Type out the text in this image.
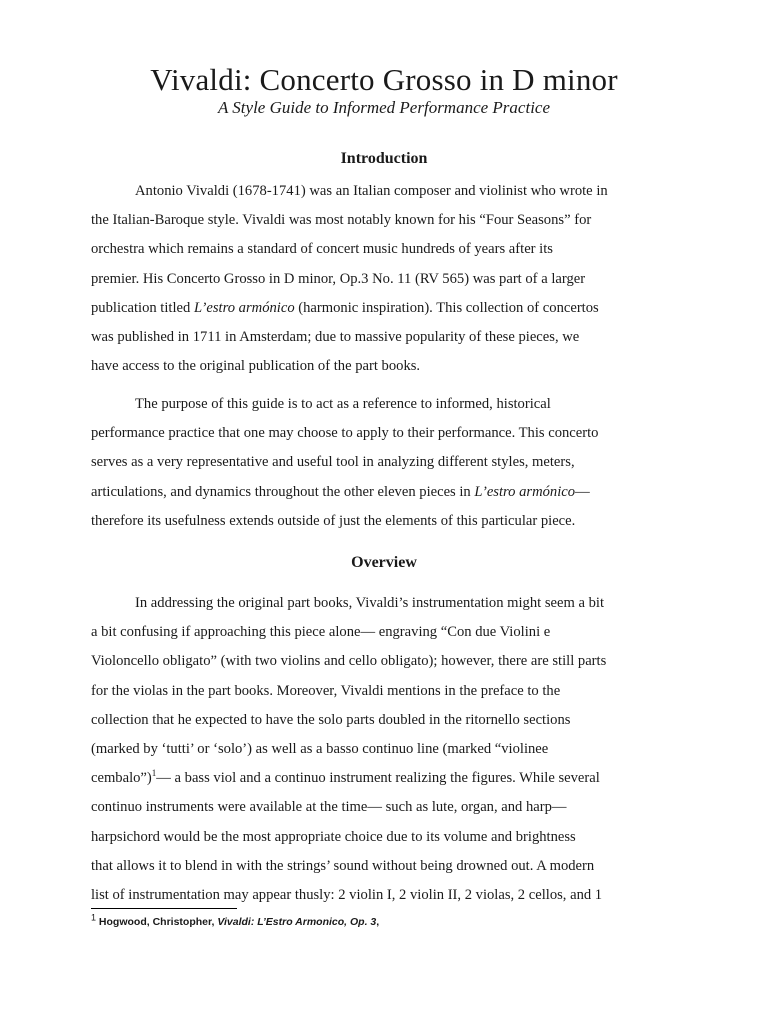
Vivaldi: Concerto Grosso in D minor
A Style Guide to Informed Performance Practice
Introduction
Antonio Vivaldi (1678-1741) was an Italian composer and violinist who wrote in
the Italian-Baroque style. Vivaldi was most notably known for his “Four Seasons” for
orchestra which remains a standard of concert music hundreds of years after its
premier. His Concerto Grosso in D minor, Op.3 No. 11 (RV 565) was part of a larger
publication titled L’estro armónico (harmonic inspiration). This collection of concertos
was published in 1711 in Amsterdam; due to massive popularity of these pieces, we
have access to the original publication of the part books.
The purpose of this guide is to act as a reference to informed, historical
performance practice that one may choose to apply to their performance. This concerto
serves as a very representative and useful tool in analyzing different styles, meters,
articulations, and dynamics throughout the other eleven pieces in L’estro armónico—
therefore its usefulness extends outside of just the elements of this particular piece.
Overview
In addressing the original part books, Vivaldi’s instrumentation might seem a bit
a bit confusing if approaching this piece alone— engraving “Con due Violini e
Violoncello obligato” (with two violins and cello obligato); however, there are still parts
for the violas in the part books. Moreover, Vivaldi mentions in the preface to the
collection that he expected to have the solo parts doubled in the ritornello sections
(marked by ‘tutti’ or ‘solo’) as well as a basso continuo line (marked “violinee
cembalo”)$^1$— a bass viol and a continuo instrument realizing the figures. While several
continuo instruments were available at the time— such as lute, organ, and harp—
harpsichord would be the most appropriate choice due to its volume and brightness
that allows it to blend in with the strings’ sound without being drowned out. A modern
list of instrumentation may appear thusly: 2 violin I, 2 violin II, 2 violas, 2 cellos, and 1
$^1$ Hogwood, Christopher, Vivaldi: L’Estro Armonico, Op. 3,
